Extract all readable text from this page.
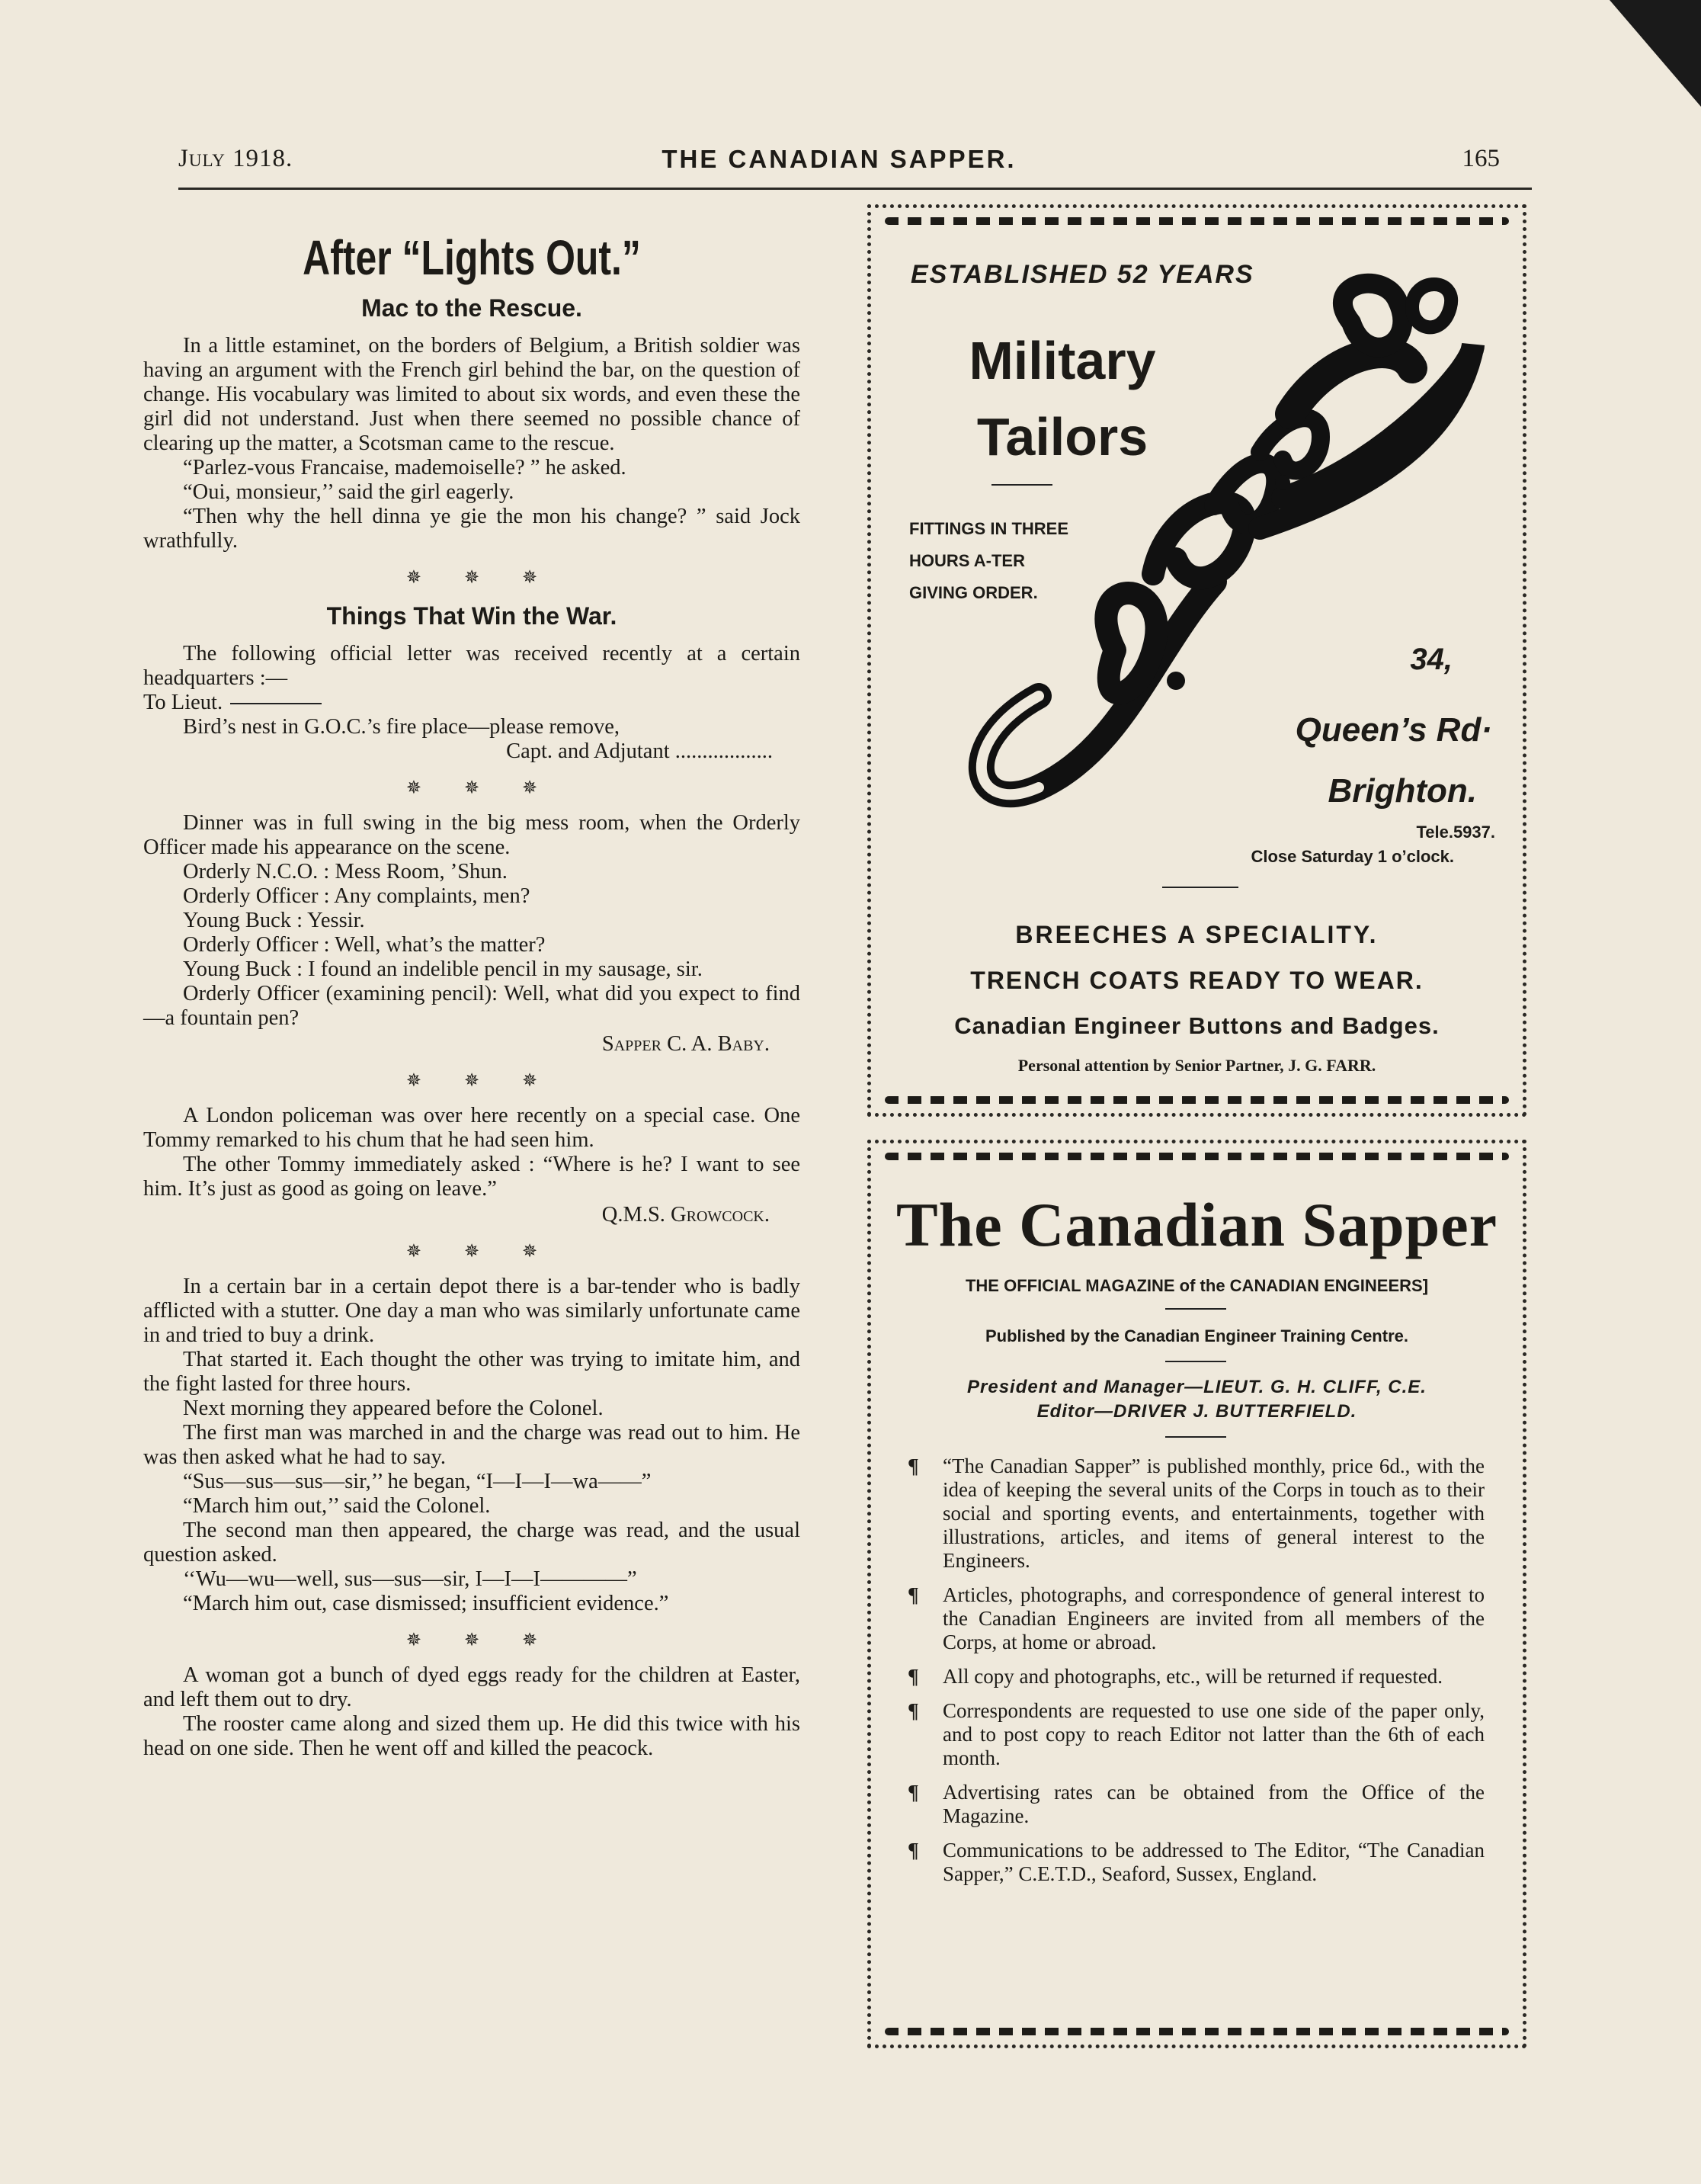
July 1918.	THE CANADIAN SAPPER.	165
After “Lights Out.”
Mac to the Rescue.

In a little estaminet, on the borders of Belgium, a British soldier was having an argument with the French girl behind the bar, on the question of change. His vocabulary was limited to about six words, and even these the girl did not understand. Just when there seemed no possible chance of clearing up the matter, a Scotsman came to the rescue.

“Parlez-vous Francaise, mademoiselle? ” he asked.

“Oui, monsieur,’’ said the girl eagerly.

“Then why the hell dinna ye gie the mon his change? ” said Jock wrathfully.

✵✵✵
Things That Win the War.

The following official letter was received recently at a certain headquarters :—

To Lieut.

Bird’s nest in G.O.C.’s fire place—please remove,

Capt. and Adjutant ..................

✵✵✵

Dinner was in full swing in the big mess room, when the Orderly Officer made his appearance on the scene.

Orderly N.C.O. : Mess Room, ’Shun.

Orderly Officer : Any complaints, men?

Young Buck : Yessir.

Orderly Officer : Well, what’s the matter?

Young Buck : I found an indelible pencil in my sausage, sir.

Orderly Officer (examining pencil): Well, what did you expect to find—a fountain pen?

Sapper C. A. Baby.

✵✵✵

A London policeman was over here recently on a special case. One Tommy remarked to his chum that he had seen him.

The other Tommy immediately asked : “Where is he? I want to see him. It’s just as good as going on leave.”

Q.M.S. Growcock.

✵✵✵

In a certain bar in a certain depot there is a bar-tender who is badly afflicted with a stutter. One day a man who was similarly unfortunate came in and tried to buy a drink.

That started it. Each thought the other was trying to imitate him, and the fight lasted for three hours.

Next morning they appeared before the Colonel.

The first man was marched in and the charge was read out to him. He was then asked what he had to say.

“Sus—sus—sus—sir,’’ he began, “I—I—I—wa——”

“March him out,’’ said the Colonel.

The second man then appeared, the charge was read, and the usual question asked.

‘‘Wu—wu—well, sus—sus—sir, I—I—I————”

“March him out, case dismissed; insufficient evidence.”

✵✵✵

A woman got a bunch of dyed eggs ready for the children at Easter, and left them out to dry.

The rooster came along and sized them up. He did this twice with his head on one side. Then he went off and killed the peacock.

ESTABLISHED 52 YEARS
Military
Tailors
FITTINGS IN THREE
HOURS A-TER
GIVING ORDER.
J.G.Farr & Co.
34,
Queen’s Rd·
Brighton.
Tele.5937.
Close Saturday 1 o’clock.
BREECHES A SPECIALITY.
TRENCH COATS READY TO WEAR.
Canadian Engineer Buttons and Badges.
Personal attention by Senior Partner, J. G. FARR.
The Canadian Sapper
THE OFFICIAL MAGAZINE of the CANADIAN ENGINEERS]
Published by the Canadian Engineer Training Centre.
President and Manager—LIEUT. G. H. CLIFF, C.E.
Editor—DRIVER J. BUTTERFIELD.

¶ “The Canadian Sapper” is published monthly, price 6d., with the idea of keeping the several units of the Corps in touch as to their social and sporting events, and entertainments, together with illustrations, articles, and items of general interest to the Engineers.

¶ Articles, photographs, and correspondence of general interest to the Canadian Engineers are invited from all members of the Corps, at home or abroad.

¶ All copy and photographs, etc., will be returned if requested.

¶ Correspondents are requested to use one side of the paper only, and to post copy to reach Editor not latter than the 6th of each month.

¶ Advertising rates can be obtained from the Office of the Magazine.

¶ Communications to be addressed to The Editor, “The Canadian Sapper,” C.E.T.D., Seaford, Sussex, England.
